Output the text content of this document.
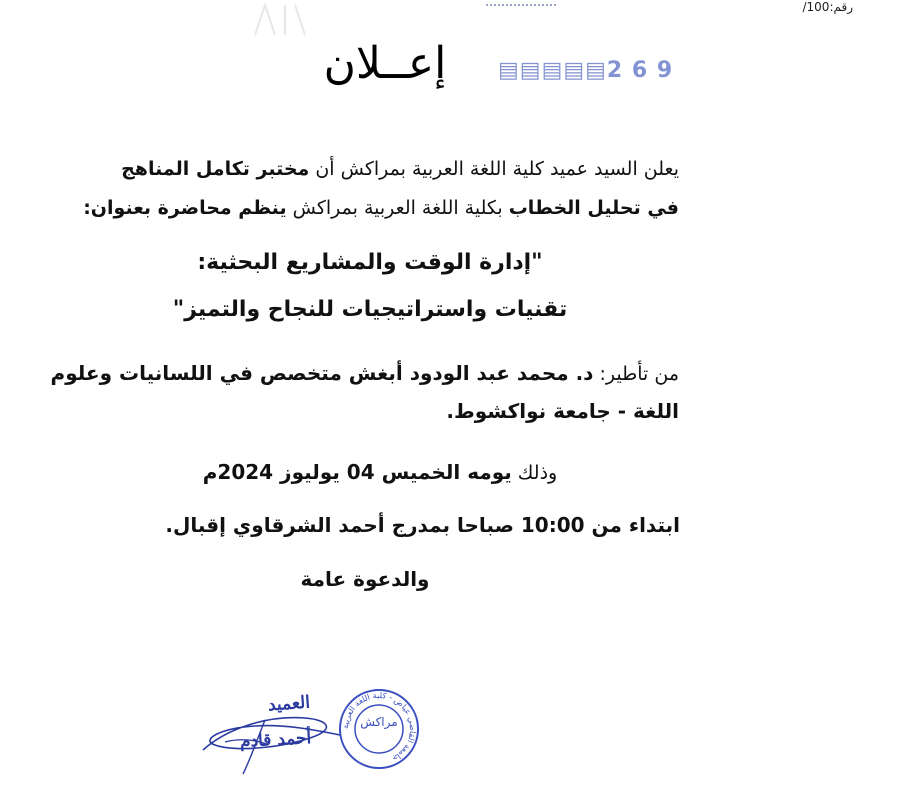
رقم:100/
إعــلان	▤▤▤▤▤2 6 9
يعلن السيد عميد كلية اللغة العربية بمراكش أن مختبر تكامل المناهج
في تحليل الخطاب بكلية اللغة العربية بمراكش ينظم محاضرة بعنوان:
"إدارة الوقت والمشاريع البحثية:
تقنيات واستراتيجيات للنجاح والتميز"
من تأطير: د. محمد عبد الودود أبغش متخصص في اللسانيات وعلوم
اللغة - جامعة نواكشوط.
وذلك يومه الخميس 04 يوليوز 2024م
ابتداء من 10:00 صباحا بمدرج أحمد الشرقاوي إقبال.
والدعوة عامة
العميد
أحمد قادم
جامعة القاضي عياض - كلية اللغة العربية
مراكش
